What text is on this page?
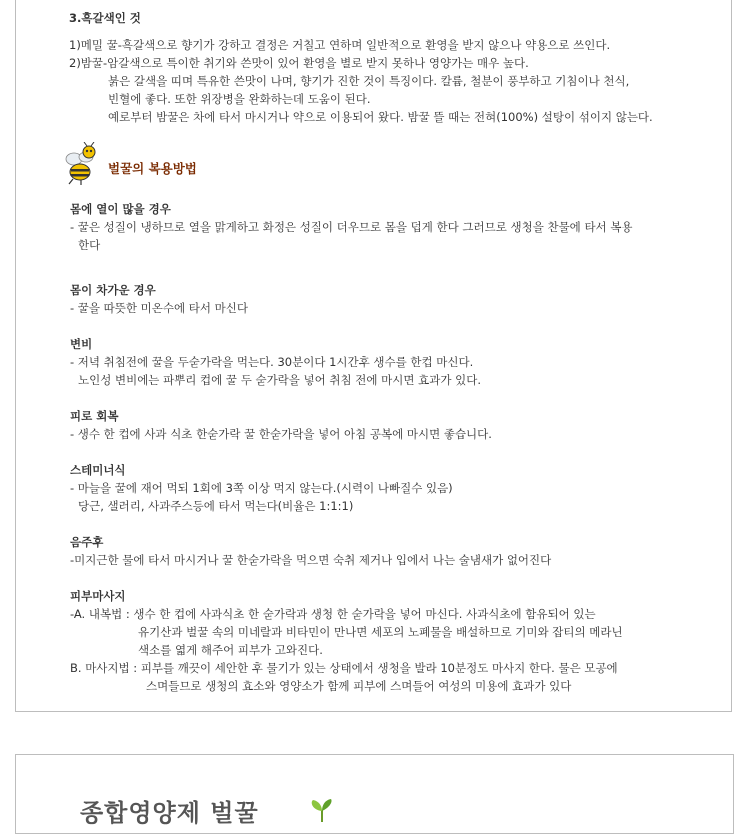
3.흑갈색인 것
1)메밀 꿀-흑갈색으로 향기가 강하고 결정은 거칠고 연하며 일반적으로 환영을 받지 않으나 약용으로 쓰인다.
2)밤꿀-암갈색으로 특이한 취기와 쓴맛이 있어 환영을 별로 받지 못하나 영양가는 매우 높다.
붉은 갈색을 띠며 특유한 쓴맛이 나며, 향기가 진한 것이 특징이다. 칼륨, 철분이 풍부하고 기침이나 천식,
빈혈에 좋다. 또한 위장병을 완화하는데 도움이 된다.
예로부터 밤꿀은 차에 타서 마시거나 약으로 이용되어 왔다. 밤꿀 뜰 때는 전혀(100%) 설탕이 섞이지 않는다.
벌꿀의 복용방법
몸에 열이 많을 경우
- 꿀은 성질이 냉하므로 열을 맑게하고 화정은 성질이 더우므로 몸을 덥게 한다 그러므로 생청을 찬물에 타서 복용
한다
몸이 차가운 경우
- 꿀을 따뜻한 미온수에 타서 마신다
변비
- 저녁 취침전에 꿀을 두숟가락을 먹는다. 30분이다 1시간후 생수를 한컵 마신다.
노인성 변비에는 파뿌리 컵에 꿀 두 숟가락을 넣어 취침 전에 마시면 효과가 있다.
피로 회복
- 생수 한 컵에 사과 식초 한숟가락 꿀 한숟가락을 넣어 아침 공복에 마시면 좋습니다.
스테미너식
- 마늘을 꿀에 재어 먹되 1회에 3쪽 이상 먹지 않는다.(시력이 나빠질수 있음)
당근, 샐러리, 사과주스등에 타서 먹는다(비율은 1:1:1)
음주후
-미지근한 물에 타서 마시거나 꿀 한숟가락을 먹으면 숙취 제거나 입에서 나는 술냄새가 없어진다
피부마사지
-A. 내복법 : 생수 한 컵에 사과식초 한 숟가락과 생청 한 숟가락을 넣어 마신다. 사과식초에 함유되어 있는
유기산과 벌꿀 속의 미네랄과 비타민이 만나면 세포의 노폐물을 배설하므로 기미와 잡티의 메라닌
색소를 엷게 해주어 피부가 고와진다.
B. 마사지법 : 피부를 깨끗이 세안한 후 물기가 있는 상태에서 생청을 발라 10분정도 마사지 한다. 물은 모공에
스며들므로 생청의 효소와 영양소가 함께 피부에 스며들어 여성의 미용에 효과가 있다
종합영양제 벌꿀
